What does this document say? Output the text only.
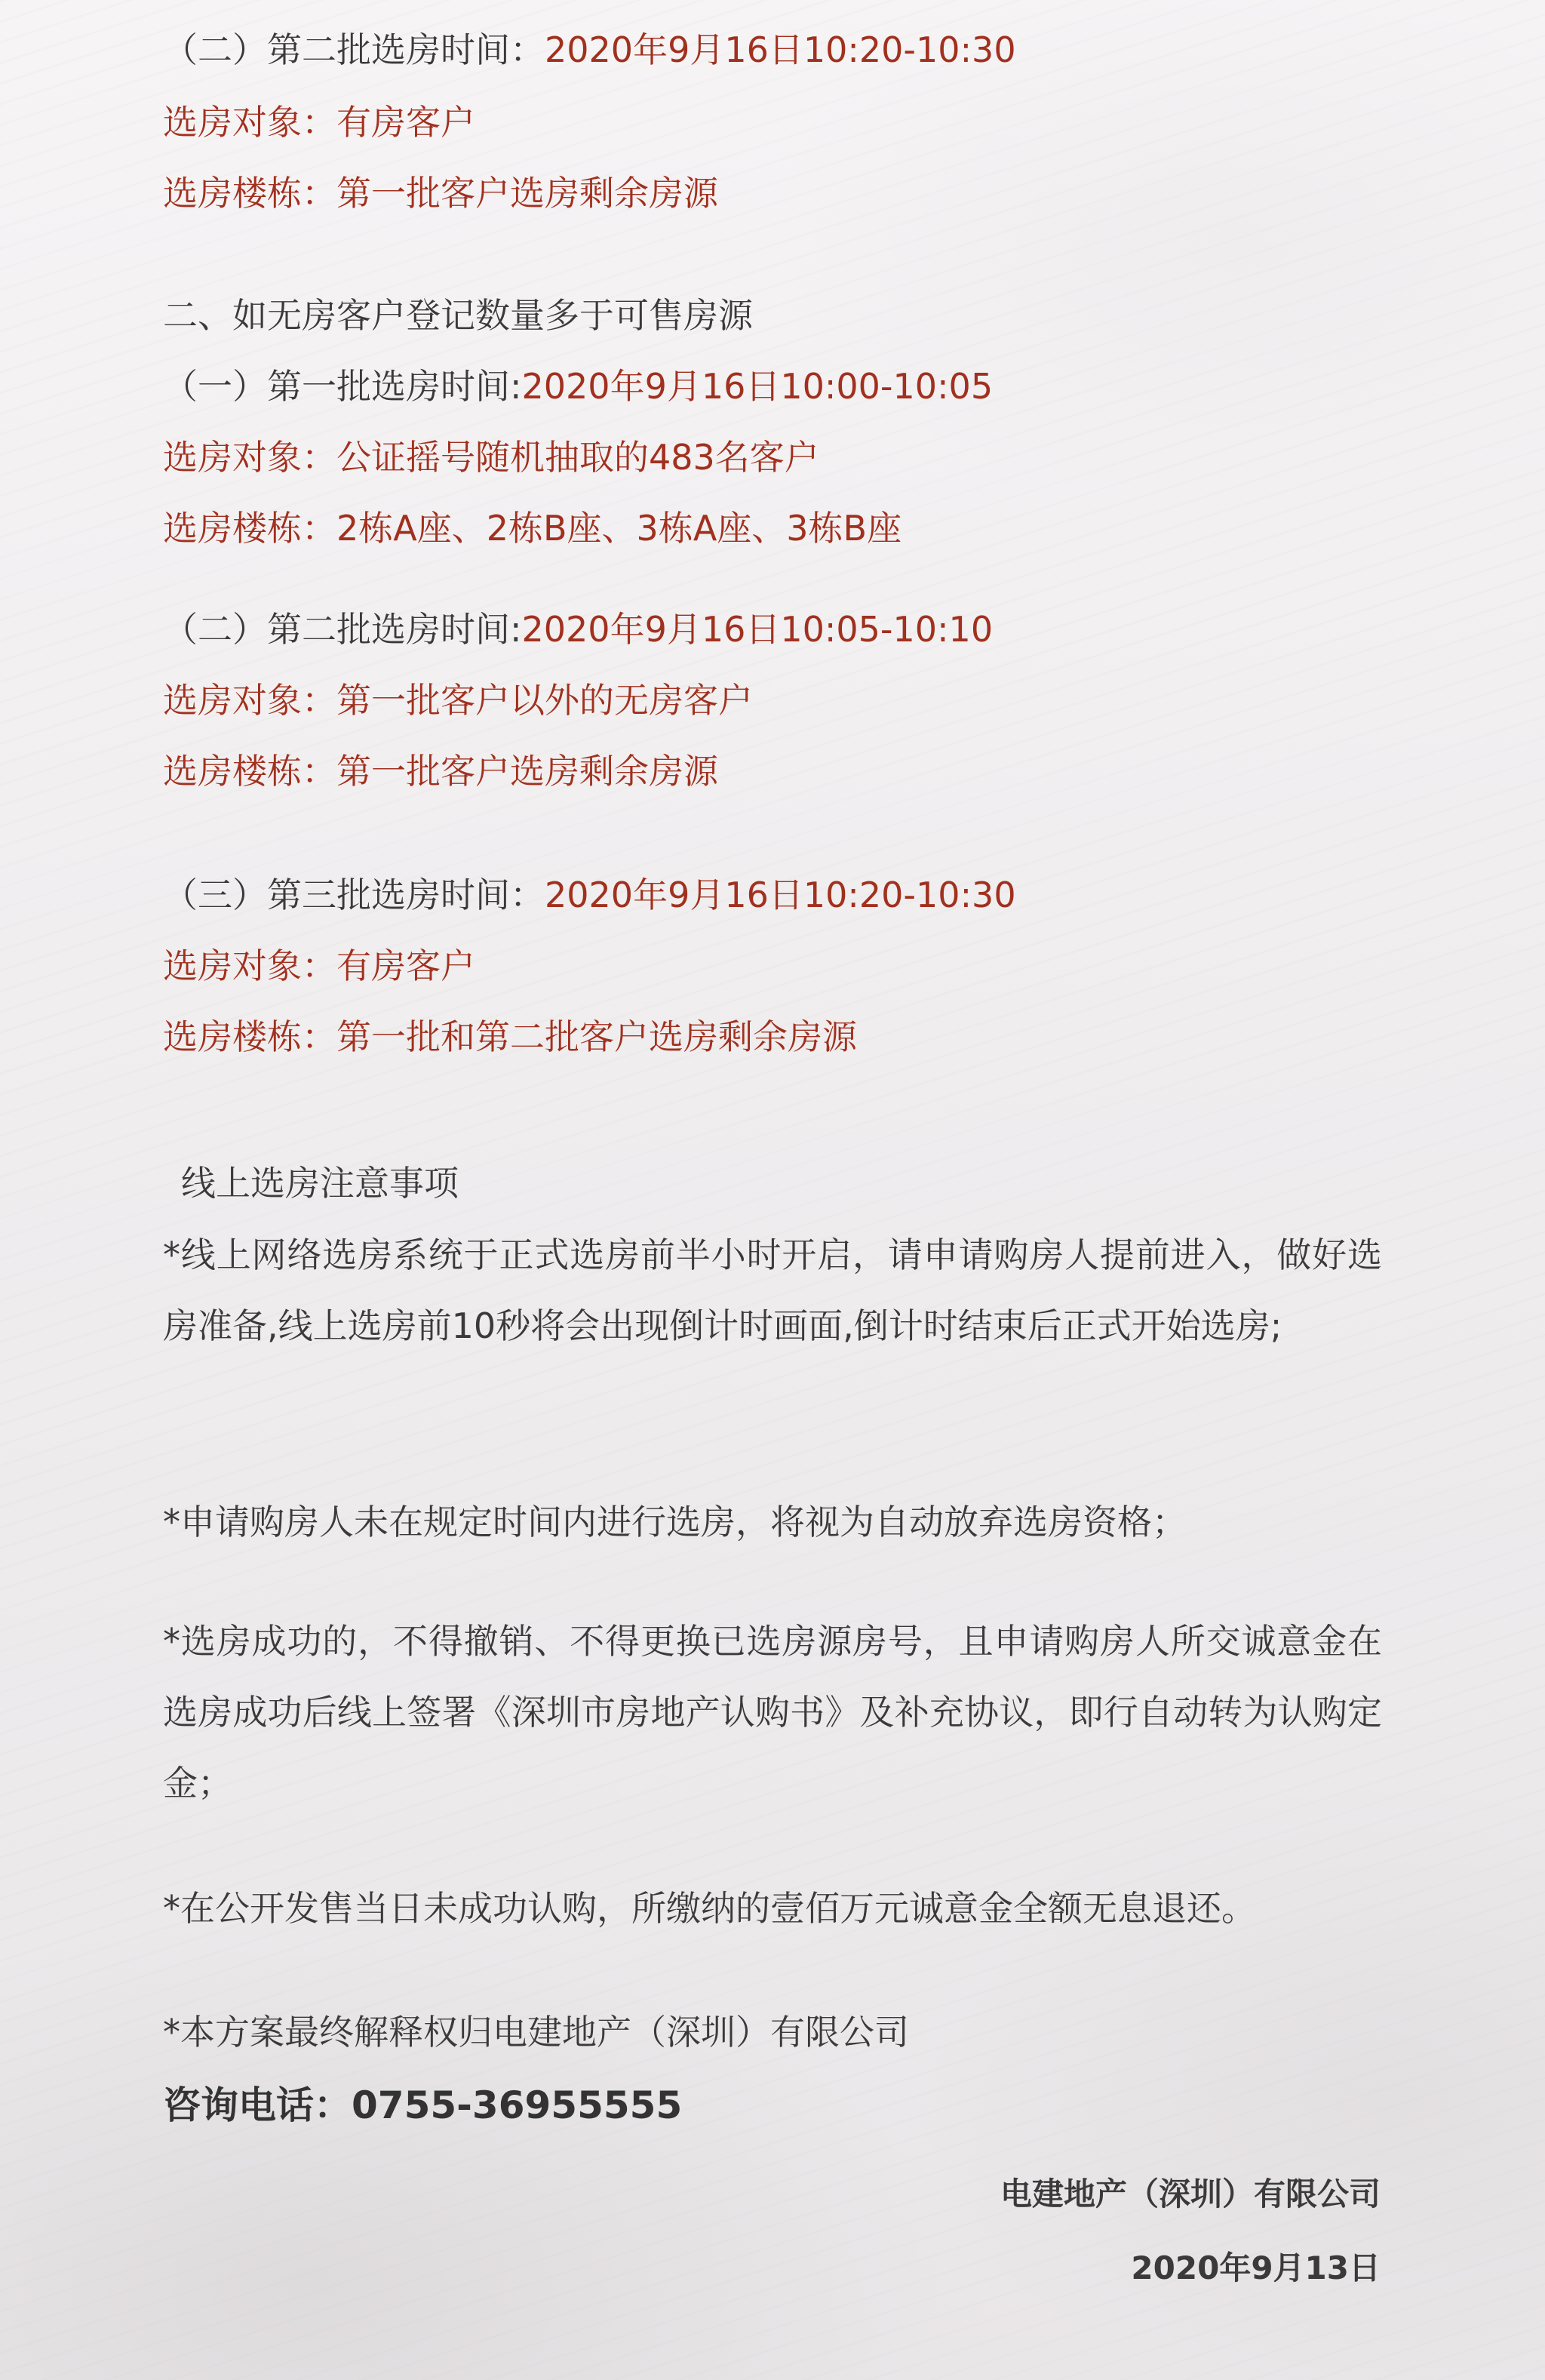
（二）第二批选房时间：2020年9月16日10:20-10:30

选房对象：有房客户

选房楼栋：第一批客户选房剩余房源

二、如无房客户登记数量多于可售房源

（一）第一批选房时间:2020年9月16日10:00-10:05

选房对象：公证摇号随机抽取的483名客户

选房楼栋：2栋A座、2栋B座、3栋A座、3栋B座

（二）第二批选房时间:2020年9月16日10:05-10:10

选房对象：第一批客户以外的无房客户

选房楼栋：第一批客户选房剩余房源

（三）第三批选房时间：2020年9月16日10:20-10:30

选房对象：有房客户

选房楼栋：第一批和第二批客户选房剩余房源

线上选房注意事项

*线上网络选房系统于正式选房前半小时开启，请申请购房人提前进入，做好选房准备,线上选房前10秒将会出现倒计时画面,倒计时结束后正式开始选房;

*申请购房人未在规定时间内进行选房，将视为自动放弃选房资格；

*选房成功的，不得撤销、不得更换已选房源房号，且申请购房人所交诚意金在选房成功后线上签署《深圳市房地产认购书》及补充协议，即行自动转为认购定金；

*在公开发售当日未成功认购，所缴纳的壹佰万元诚意金全额无息退还。

*本方案最终解释权归电建地产（深圳）有限公司

咨询电话：0755-36955555

电建地产（深圳）有限公司

2020年9月13日
